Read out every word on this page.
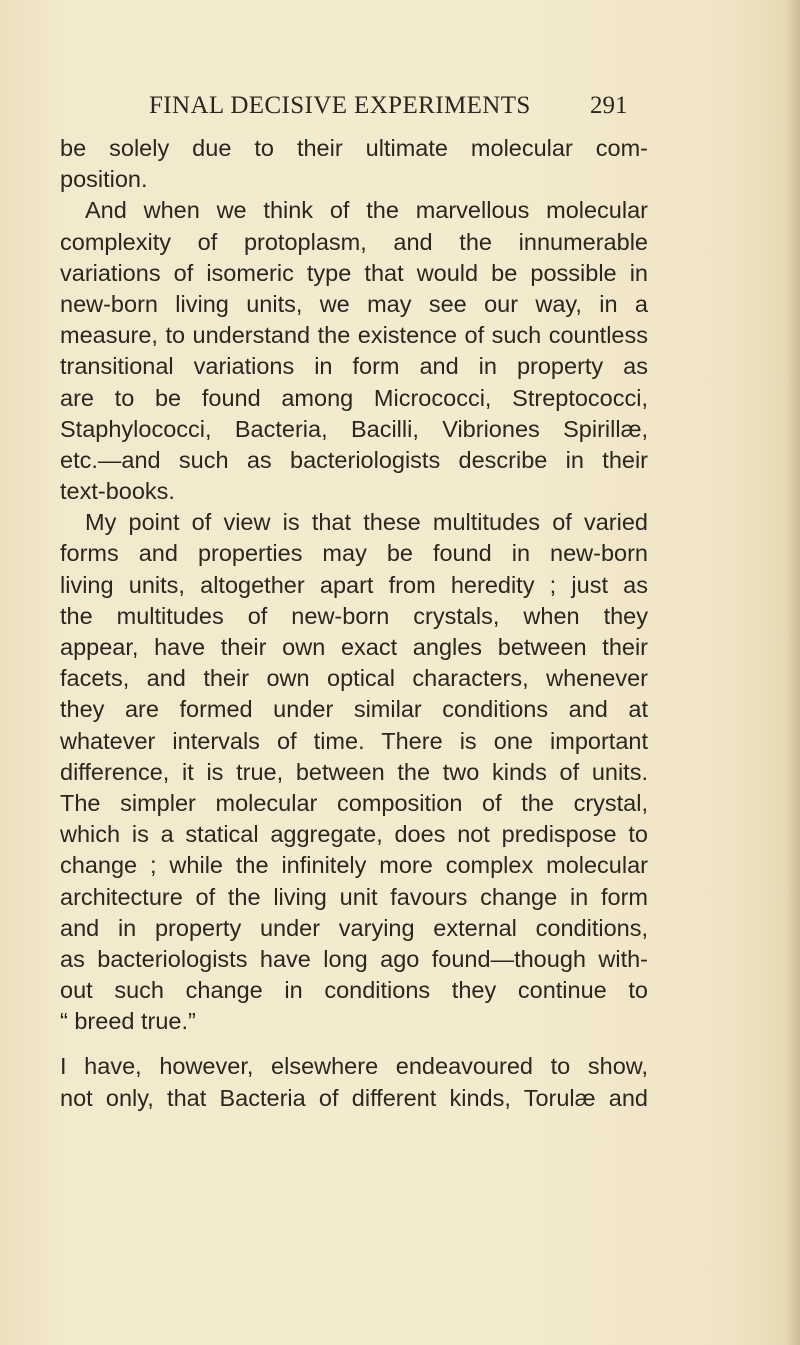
FINAL DECISIVE EXPERIMENTS	291
be solely due to their ultimate molecular com-
position.
And when we think of the marvellous molecular
complexity of protoplasm, and the innumerable
variations of isomeric type that would be possible in
new-born living units, we may see our way, in a
measure, to understand the existence of such countless
transitional variations in form and in property as
are to be found among Micrococci, Streptococci,
Staphylococci, Bacteria, Bacilli, Vibriones Spirillæ,
etc.—and such as bacteriologists describe in their
text-books.
My point of view is that these multitudes of varied
forms and properties may be found in new-born
living units, altogether apart from heredity ; just as
the multitudes of new-born crystals, when they
appear, have their own exact angles between their
facets, and their own optical characters, whenever
they are formed under similar conditions and at
whatever intervals of time. There is one important
difference, it is true, between the two kinds of units.
The simpler molecular composition of the crystal,
which is a statical aggregate, does not predispose to
change ; while the infinitely more complex molecular
architecture of the living unit favours change in form
and in property under varying external conditions,
as bacteriologists have long ago found—though with-
out such change in conditions they continue to
“ breed true.”
I have, however, elsewhere endeavoured to show,
not only, that Bacteria of different kinds, Torulæ and
